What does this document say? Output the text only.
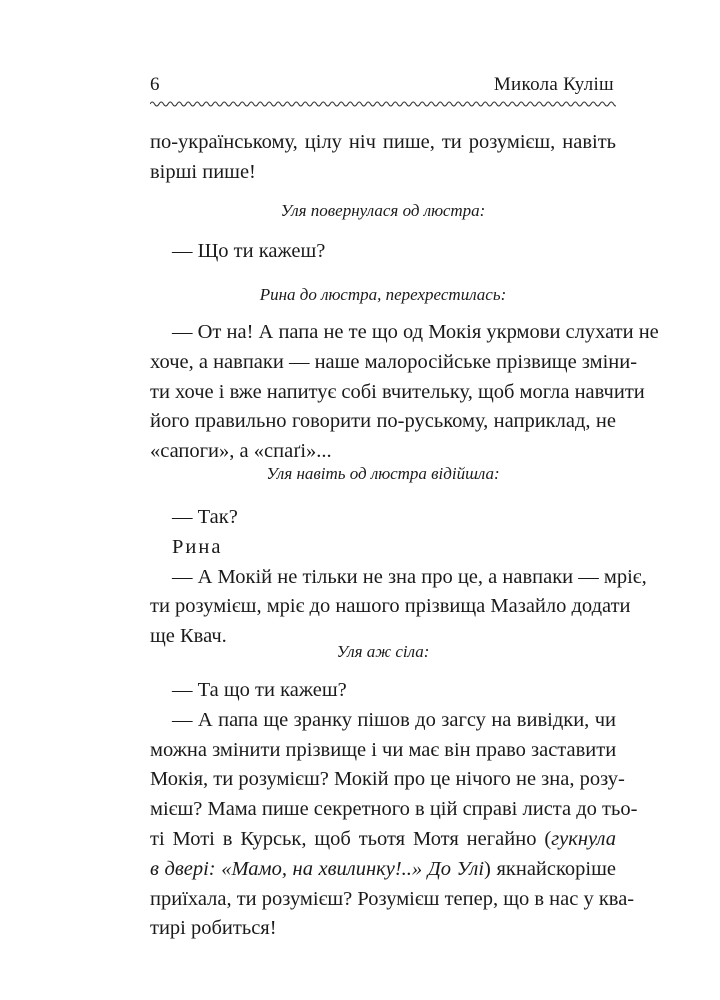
6	Микола Куліш
по-українському, цілу ніч пише, ти розумієш, навіть
вірші пише!
Уля повернулася од люстра:
— Що ти кажеш?
Рина до люстра, перехрестилась:
— От на! А папа не те що од Мокія укрмови слухати не
хоче, а навпаки — наше малоросійське прізвище зміни-
ти хоче і вже напитує собі вчительку, щоб могла навчити
його правильно говорити по-руському, наприклад, не
«сапоги», а «спаґі»...
Уля навіть од люстра відійшла:
— Так?
Рина
— А Мокій не тільки не зна про це, а навпаки — мріє,
ти розумієш, мріє до нашого прізвища Мазайло додати
ще Квач.
Уля аж сіла:
— Та що ти кажеш?
— А папа ще зранку пішов до загсу на вивідки, чи
можна змінити прізвище і чи має він право заставити
Мокія, ти розумієш? Мокій про це нічого не зна, розу-
мієш? Мама пише секретного в цій справі листа до тьо-
ті Моті в Курськ, щоб тьотя Мотя негайно (гукнула
в двері: «Мамо, на хвилинку!..» До Улі) якнайскоріше
приїхала, ти розумієш? Розумієш тепер, що в нас у ква-
тирі робиться!
